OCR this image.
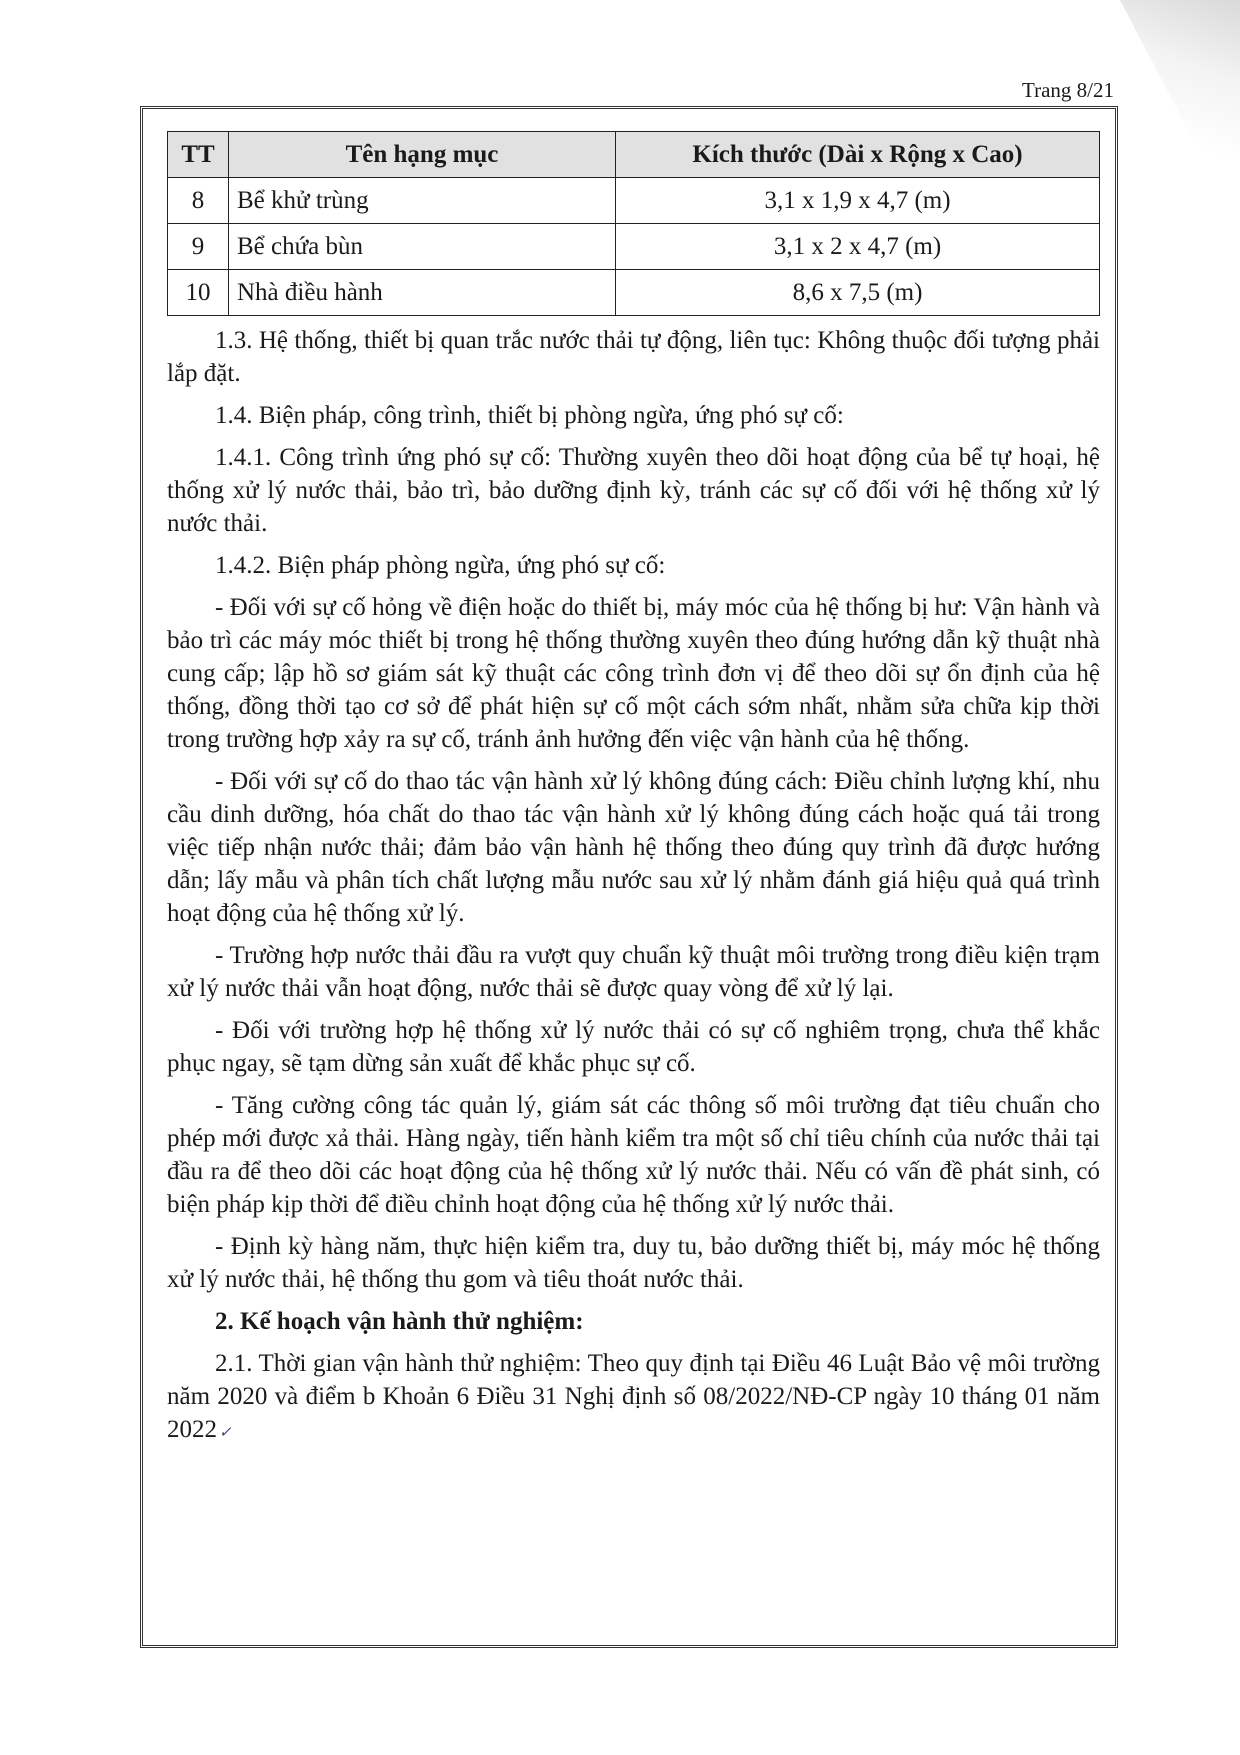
Trang 8/21
TT	Tên hạng mục	Kích thước (Dài x Rộng x Cao)
8	Bể khử trùng	3,1 x 1,9 x 4,7 (m)
9	Bể chứa bùn	3,1 x 2 x 4,7 (m)
10	Nhà điều hành	8,6 x 7,5 (m)

1.3. Hệ thống, thiết bị quan trắc nước thải tự động, liên tục: Không thuộc đối tượng phải lắp đặt.

1.4. Biện pháp, công trình, thiết bị phòng ngừa, ứng phó sự cố:

1.4.1. Công trình ứng phó sự cố: Thường xuyên theo dõi hoạt động của bể tự hoại, hệ thống xử lý nước thải, bảo trì, bảo dưỡng định kỳ, tránh các sự cố đối với hệ thống xử lý nước thải.

1.4.2. Biện pháp phòng ngừa, ứng phó sự cố:

- Đối với sự cố hỏng về điện hoặc do thiết bị, máy móc của hệ thống bị hư: Vận hành và bảo trì các máy móc thiết bị trong hệ thống thường xuyên theo đúng hướng dẫn kỹ thuật nhà cung cấp; lập hồ sơ giám sát kỹ thuật các công trình đơn vị để theo dõi sự ổn định của hệ thống, đồng thời tạo cơ sở để phát hiện sự cố một cách sớm nhất, nhằm sửa chữa kịp thời trong trường hợp xảy ra sự cố, tránh ảnh hưởng đến việc vận hành của hệ thống.

- Đối với sự cố do thao tác vận hành xử lý không đúng cách: Điều chỉnh lượng khí, nhu cầu dinh dưỡng, hóa chất do thao tác vận hành xử lý không đúng cách hoặc quá tải trong việc tiếp nhận nước thải; đảm bảo vận hành hệ thống theo đúng quy trình đã được hướng dẫn; lấy mẫu và phân tích chất lượng mẫu nước sau xử lý nhằm đánh giá hiệu quả quá trình hoạt động của hệ thống xử lý.

- Trường hợp nước thải đầu ra vượt quy chuẩn kỹ thuật môi trường trong điều kiện trạm xử lý nước thải vẫn hoạt động, nước thải sẽ được quay vòng để xử lý lại.

- Đối với trường hợp hệ thống xử lý nước thải có sự cố nghiêm trọng, chưa thể khắc phục ngay, sẽ tạm dừng sản xuất để khắc phục sự cố.

- Tăng cường công tác quản lý, giám sát các thông số môi trường đạt tiêu chuẩn cho phép mới được xả thải. Hàng ngày, tiến hành kiểm tra một số chỉ tiêu chính của nước thải tại đầu ra để theo dõi các hoạt động của hệ thống xử lý nước thải. Nếu có vấn đề phát sinh, có biện pháp kịp thời để điều chỉnh hoạt động của hệ thống xử lý nước thải.

- Định kỳ hàng năm, thực hiện kiểm tra, duy tu, bảo dưỡng thiết bị, máy móc hệ thống xử lý nước thải, hệ thống thu gom và tiêu thoát nước thải.

2. Kế hoạch vận hành thử nghiệm:

2.1. Thời gian vận hành thử nghiệm: Theo quy định tại Điều 46 Luật Bảo vệ môi trường năm 2020 và điểm b Khoản 6 Điều 31 Nghị định số 08/2022/NĐ-CP ngày 10 tháng 01 năm 2022 ✓
